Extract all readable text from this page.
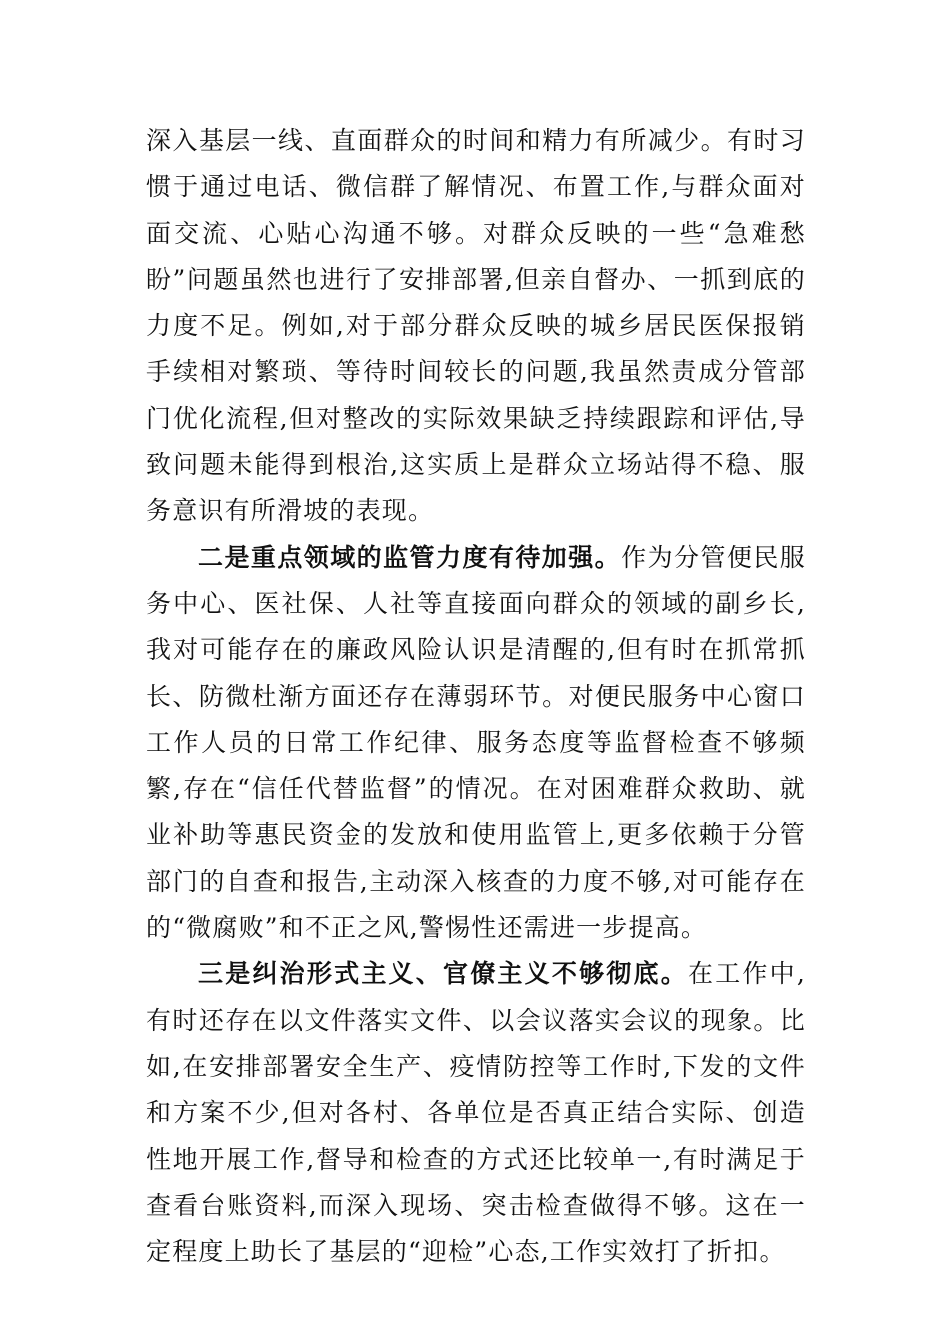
深入基层一线、直面群众的时间和精力有所减少。有时习惯于通过电话、微信群了解情况、布置工作,与群众面对面交流、心贴心沟通不够。对群众反映的一些“急难愁盼”问题虽然也进行了安排部署,但亲自督办、一抓到底的力度不足。例如,对于部分群众反映的城乡居民医保报销手续相对繁琐、等待时间较长的问题,我虽然责成分管部门优化流程,但对整改的实际效果缺乏持续跟踪和评估,导致问题未能得到根治,这实质上是群众立场站得不稳、服务意识有所滑坡的表现。

二是重点领域的监管力度有待加强。作为分管便民服务中心、医社保、人社等直接面向群众的领域的副乡长,我对可能存在的廉政风险认识是清醒的,但有时在抓常抓长、防微杜渐方面还存在薄弱环节。对便民服务中心窗口工作人员的日常工作纪律、服务态度等监督检查不够频繁,存在“信任代替监督”的情况。在对困难群众救助、就业补助等惠民资金的发放和使用监管上,更多依赖于分管部门的自查和报告,主动深入核查的力度不够,对可能存在的“微腐败”和不正之风,警惕性还需进一步提高。

三是纠治形式主义、官僚主义不够彻底。在工作中,有时还存在以文件落实文件、以会议落实会议的现象。比如,在安排部署安全生产、疫情防控等工作时,下发的文件和方案不少,但对各村、各单位是否真正结合实际、创造性地开展工作,督导和检查的方式还比较单一,有时满足于查看台账资料,而深入现场、突击检查做得不够。这在一定程度上助长了基层的“迎检”心态,工作实效打了折扣。
